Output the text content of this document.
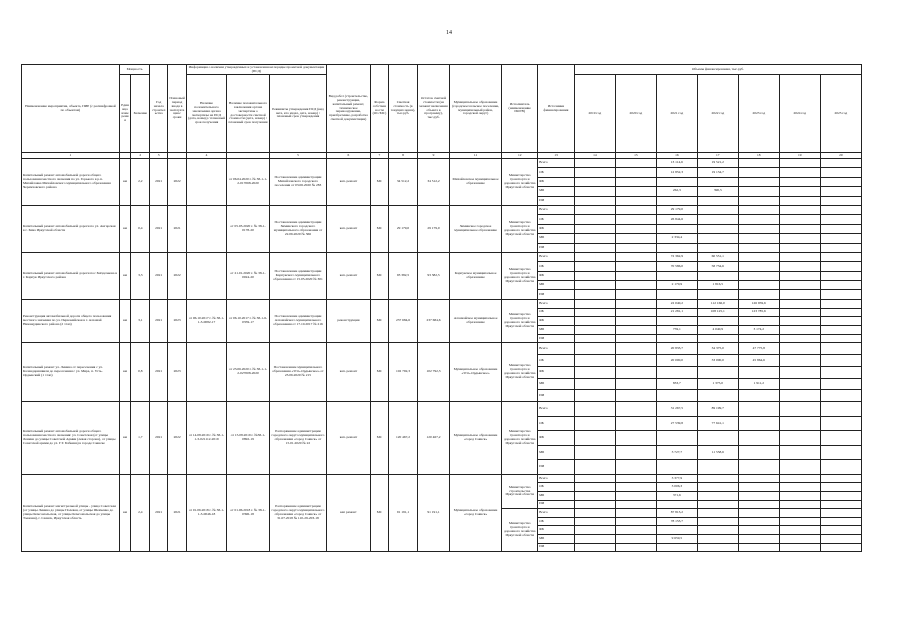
14
Наименование мероприятия, объекта, ПИР (с расшифровкой по объектам)	Мощность		Год начала строительства	Плановый период ввода в эксплуатацию/сроки	Информация о наличии утверждённых и установленном порядке проектной документации (ПСД)			Вид работ (строительство, реконструкция, капитальный ремонт, техническое перевооружение, приобретение, разработка сметной документации)	Форма собственности (ОС/МС)	Сметная стоимость (в текущих ценах), тыс.руб.	Остаток сметной стоимости (на момент включения объекта в программу), тыс.руб.	Муниципальное образование (городское/сельское поселение, муниципальный район, городской округ)	Исполнитель (наименование ИОГВ)	Источники финансирования	Объемы финансирования, тыс.руб.						
	Единица измерения	Значение			Наличие положительного заключения органа экспертизы на ПСД (дата, номер) / плановый срок получения	Наличие положительного заключения органа экспертизы о достоверности сметной стоимости (дата, номер) / плановый срок получения	Реквизиты утверждения ПСД (вид акта, кто издал, дата, номер) / плановый срок утверждения								2019 год	2020 год	2021 год	2022 год	2023 год	2024 год	2025 год
1		2	3		4		5	6	7	8	9	11	12	13	14	15	16	17	18	19	20
Капитальный ремонт автомобильной дороги общего пользования местного значения по ул. Горького в р.п. Михайловка Михайловского муниципального образования Черемховского района	км	2,2	2021	2022		от 06.04.2020 г. № 38-1-1-2-017068-2020	Постановление администрации Михайловского городского поселения от 03.06.2020 № 283	кап. ремонт	МС	34 512,2	34 512,2	Михайловское муниципальное образование	Министерство транспорта и дорожного хозяйства Иркутской области	Всего			13 114,6	19 521,2			
														ОБ			12 852,3	19 134,7			
														ФБ							
														МБ			262,3	390,5			
														ИИ							
Капитальный ремонт автомобильной дороги по ул. Ангарская в г. Зима Иркутской области	км	0,4	2021	2021		от 05.03.2020 г. № 38-1-0178-20	Постановление администрации Зиминского городского муниципального образования от 22.06.2020 № 366	кап. ремонт	МС	29 179,0	29 179,0	Зиминское городское муниципальное образование	Министерство транспорта и дорожного хозяйства Иркутской области	Всего			29 179,0				
														ОБ			26 844,6				
														ФБ							
														МБ			2 334,4				
														ИИ							
Капитальный ремонт автомобильной дороги пос Звёздочкова в г. Карпук Иркутского района	км	3,3	2021	2022		от 21.01.2020 г. № 38-1-0024-20	Постановление администрации Карпукского муниципального образования от 15.05.2020 № 301	кап. ремонт	МС	93 382,5	93 382,5	Карпукское муниципальное образование	Министерство транспорта и дорожного хозяйства Иркутской области	Всего			72 362,9	60 551,1			
														ОБ			70 586,0	58 734,6			
														ФБ							
														МБ			2 170,9	1 816,5			
														ИИ							
Реконструкция автомобильной дороги общего пользования местного значения по ул. Первомайская в г. Алзамай Нижнеудинского района (2 этап)	км	3,1	2021	2023	от 06.10.2017 г. № 38-1-1-3-0082-17	от 06.10.2017 г. № 38-1-6-0359-17	Постановление администрации Алзамайского муниципального образования от 17.10.2017 № 216	реконструкция	МС	237 684,6	237 684,6	Алзамайское муниципальное образование	Министерство транспорта и дорожного хозяйства Иркутской области	Всего			22 040,2	112 166,0	126 959,6		
														ОБ			21 281,1	108 125,1	123 785,6		
														ФБ							
														МБ			759,1	4 040,9	3 174,2		
														ИИ							
Капитальный ремонт ул. Ленина от пересечения с ул. Каландаришвили до пересечения с ул. Мира, п. Усть-Ордынский (1 этап)	км	0,8	2021	2023		от 23.06.2020 г. № 38-1-1-2-027008-2020	Постановление муниципального образования «Усть-Ордынское» от 23.06.2020 № 215	кап. ремонт	МС	102 792,3	102 792,3	Муниципальное образование «Усть-Ордынское»	Министерство транспорта и дорожного хозяйства Иркутской области	Всего			20 833,7	34 375,0	47 775,8		
														ОБ			20 000,0	33 000,0	45 864,6		
														ФБ							
														МБ			833,7	1 375,0	1 911,2		
														ИИ							
Капитальный ремонт автомобильной дороги общего пользования местного значения: ул. Советская (от улицы Ленина до улицы Советской Армии (левая сторона), от улицы Советской армии до ул. Г.Т. Бабкина) в городе Саянске	км	1,7	2021	2022	от 14.08.2019 г. № 38-1-1-3-021112-2019	от 15.08.2019 г. №38-1-0892-19	Распоряжение администрации городского округа муниципального образования «город Саянск» от 15.01.2020 № 22	кап. ремонт	МС	120 467,2	120 467,2	Муниципальное образование «город Саянск»	Министерство транспорта и дорожного хозяйства Иркутской области	Всего			31 267,5	89 199,7			
														ОБ			27 539,8	77 641,1			
														ФБ							
														МБ			3 727,7	11 558,6			
														ИИ							
Капитальный ремонт магистральной улицы - улица Советская (от улицы Ленина до улицы Полевая, от улицы Шевченко до улицы Комсомольская, от улицы Комсомольская до улицы Таежная), г. Саянск, Иркутская область	км	2,4	2021	2021	от 01.06.2018 г. № 38-1-1-3-0046-18	от 01.06.2018 г. № 38-1-0396-18	Распоряжение администрации городского округа муниципального образования «город Саянск» от 31.07.2018 № 110-29-203-18	кап ремонт	МС	91 191,1	91 191,1	Муниципальное образование «город Саянск»	Министерство строительства Иркутской области	Всего			3 377,9				
														ОБ			3 006,3				
														МБ			371,6				
														ИИ							
													Министерство транспорта и дорожного хозяйства Иркутской области	Всего			87 813,2				
														ОБ			78 153,7				
														ФБ							
														МБ			9 659,5				
														ИИ							
